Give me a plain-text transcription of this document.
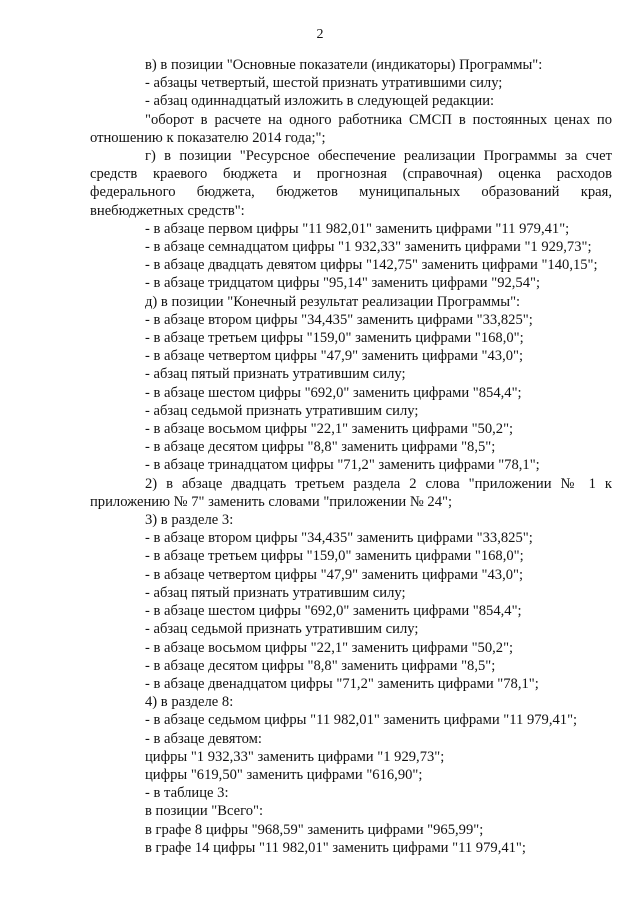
2

в) в позиции "Основные показатели (индикаторы) Программы":

- абзацы четвертый, шестой признать утратившими силу;

- абзац одиннадцатый изложить в следующей редакции:

"оборот в расчете на одного работника СМСП в постоянных ценах по отношению к показателю 2014 года;";

г) в позиции "Ресурсное обеспечение реализации Программы за счет средств краевого бюджета и прогнозная (справочная) оценка расходов федерального бюджета, бюджетов муниципальных образований края, внебюджетных средств":

- в абзаце первом цифры "11 982,01" заменить цифрами "11 979,41";

- в абзаце семнадцатом цифры "1 932,33" заменить цифрами "1 929,73";

- в абзаце двадцать девятом цифры "142,75" заменить цифрами "140,15";

- в абзаце тридцатом цифры "95,14" заменить цифрами "92,54";

д) в позиции "Конечный результат реализации Программы":

- в абзаце втором цифры "34,435" заменить цифрами "33,825";

- в абзаце третьем цифры "159,0" заменить цифрами "168,0";

- в абзаце четвертом цифры "47,9" заменить цифрами "43,0";

- абзац пятый признать утратившим силу;

- в абзаце шестом цифры "692,0" заменить цифрами "854,4";

- абзац седьмой признать утратившим силу;

- в абзаце восьмом цифры "22,1" заменить цифрами "50,2";

- в абзаце десятом цифры "8,8" заменить цифрами "8,5";

- в абзаце тринадцатом цифры "71,2" заменить цифрами "78,1";

2) в абзаце двадцать третьем раздела 2 слова "приложении № 1 к приложению № 7" заменить словами "приложении № 24";

3) в разделе 3:

- в абзаце втором цифры "34,435" заменить цифрами "33,825";

- в абзаце третьем цифры "159,0" заменить цифрами "168,0";

- в абзаце четвертом цифры "47,9" заменить цифрами "43,0";

- абзац пятый признать утратившим силу;

- в абзаце шестом цифры "692,0" заменить цифрами "854,4";

- абзац седьмой признать утратившим силу;

- в абзаце восьмом цифры "22,1" заменить цифрами "50,2";

- в абзаце десятом цифры "8,8" заменить цифрами "8,5";

- в абзаце двенадцатом цифры "71,2" заменить цифрами "78,1";

4) в разделе 8:

- в абзаце седьмом цифры "11 982,01" заменить цифрами "11 979,41";

- в абзаце девятом:

цифры "1 932,33" заменить цифрами "1 929,73";

цифры "619,50" заменить цифрами "616,90";

- в таблице 3:

в позиции "Всего":

в графе 8 цифры "968,59" заменить цифрами "965,99";

в графе 14 цифры "11 982,01" заменить цифрами "11 979,41";
